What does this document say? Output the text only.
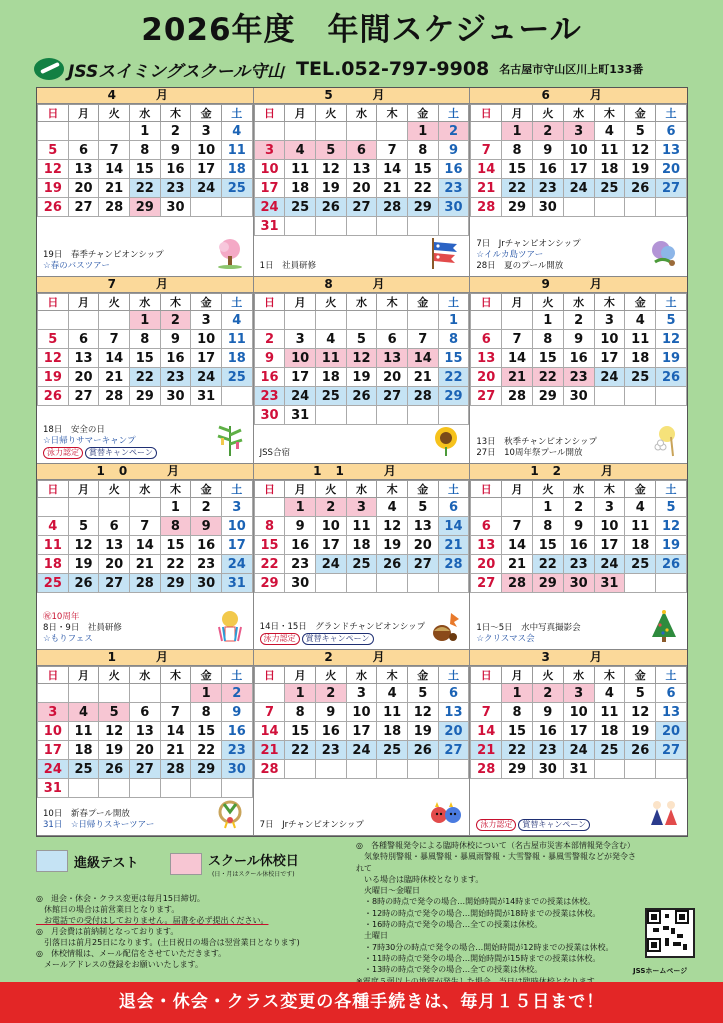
2026年度　年間スケジュール
JSSスイミングスクール守山 TEL.052-797-9908 名古屋市守山区川上町133番
4　月
日	月	火	水	木	金	土
			1	2	3	4
5	6	7	8	9	10	11
12	13	14	15	16	17	18
19	20	21	22	23	24	25
26	27	28	29	30		
19日　春季チャンピオンシップ
☆春のバスツアー
5　月
日	月	火	水	木	金	土
					1	2
3	4	5	6	7	8	9
10	11	12	13	14	15	16
17	18	19	20	21	22	23
24	25	26	27	28	29	30
31						
1日　社員研修
6　月
日	月	火	水	木	金	土
	1	2	3	4	5	6
7	8	9	10	11	12	13
14	15	16	17	18	19	20
21	22	23	24	25	26	27
28	29	30				
7日　Jrチャンピオンシップ
☆イルカ島ツアー
28日　夏のプール開放
7　月
日	月	火	水	木	金	土
			1	2	3	4
5	6	7	8	9	10	11
12	13	14	15	16	17	18
19	20	21	22	23	24	25
26	27	28	29	30	31	
18日　安全の日
☆日帰りサマーキャンプ
泳力認定 賞替キャンペーン
8　月
日	月	火	水	木	金	土
						1
2	3	4	5	6	7	8
9	10	11	12	13	14	15
16	17	18	19	20	21	22
23	24	25	26	27	28	29
30	31					
JSS合宿
9　月
日	月	火	水	木	金	土
		1	2	3	4	5
6	7	8	9	10	11	12
13	14	15	16	17	18	19
20	21	22	23	24	25	26
27	28	29	30			
13日　秋季チャンピオンシップ
27日　10周年祭プール開放
10　月
日	月	火	水	木	金	土
				1	2	3
4	5	6	7	8	9	10
11	12	13	14	15	16	17
18	19	20	21	22	23	24
25	26	27	28	29	30	31
㊗10周年
8日・9日　社員研修
☆もりフェス
11　月
日	月	火	水	木	金	土
	1	2	3	4	5	6
8	9	10	11	12	13	14
15	16	17	18	19	20	21
22	23	24	25	26	27	28
29	30					
14日・15日　グランドチャンピオンシップ
泳力認定 賞替キャンペーン
12　月
日	月	火	水	木	金	土
		1	2	3	4	5
6	7	8	9	10	11	12
13	14	15	16	17	18	19
20	21	22	23	24	25	26
27	28	29	30	31		
1日～5日　水中写真撮影会
☆クリスマス会
1　月
日	月	火	水	木	金	土
					1	2
3	4	5	6	7	8	9
10	11	12	13	14	15	16
17	18	19	20	21	22	23
24	25	26	27	28	29	30
31						
10日　新春プール開放
31日　☆日帰りスキーツアー
2　月
日	月	火	水	木	金	土
	1	2	3	4	5	6
7	8	9	10	11	12	13
14	15	16	17	18	19	20
21	22	23	24	25	26	27
28						
7日　Jrチャンピオンシップ
3　月
日	月	火	水	木	金	土
	1	2	3	4	5	6
7	8	9	10	11	12	13
14	15	16	17	18	19	20
21	22	23	24	25	26	27
28	29	30	31			
泳力認定 賞替キャンペーン
進級テスト	スクール休校日
(日・月はスクール休校日です)
◎　退会・休会・クラス変更は毎月15日締切。
　休館日の場合は前営業日となります。
　お電話での受付はしておりません。届書を必ず提出ください。
◎　月会費は前納制となっております。
　引落日は前月25日になります。(土日祝日の場合は翌営業日となります)
◎　休校情報は、メール配信をさせていただきます。
　メールアドレスの登録をお願いいたします。
◎　各種警報発令による臨時休校について（名古屋市災害本部情報発令含む）
　気象特別警報・暴風警報・暴風雨警報・大雪警報・暴風雪警報などが発令されて
　いる場合は臨時休校となります。
　火曜日～金曜日
　・8時の時点で発令の場合…開始時間が14時までの授業は休校。
　・12時の時点で発令の場合…開始時間が18時までの授業は休校。
　・16時の時点で発令の場合…全ての授業は休校。
　土曜日
　・7時30分の時点で発令の場合…開始時間が12時までの授業は休校。
　・11時の時点で発令の場合…開始時間が15時までの授業は休校。
　・13時の時点で発令の場合…全ての授業は休校。	JSSホームページ
退会・休会・クラス変更の各種手続きは、毎月１５日まで！
